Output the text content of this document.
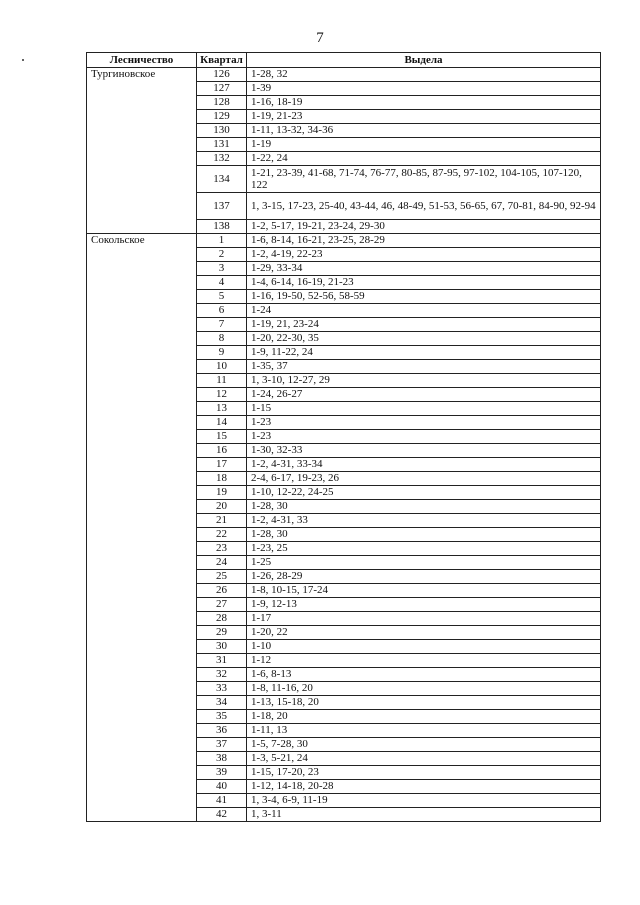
7
Лесничество	Квартал	Выдела
Тургиновское	126	1-28, 32
	127	1-39
	128	1-16, 18-19
	129	1-19, 21-23
	130	1-11, 13-32, 34-36
	131	1-19
	132	1-22, 24
	134	1-21, 23-39, 41-68, 71-74, 76-77, 80-85, 87-95, 97-102, 104-105, 107-120, 122
	137	1, 3-15, 17-23, 25-40, 43-44, 46, 48-49, 51-53, 56-65, 67, 70-81, 84-90, 92-94
	138	1-2, 5-17, 19-21, 23-24, 29-30
Сокольское	1	1-6, 8-14, 16-21, 23-25, 28-29
	2	1-2, 4-19, 22-23
	3	1-29, 33-34
	4	1-4, 6-14, 16-19, 21-23
	5	1-16, 19-50, 52-56, 58-59
	6	1-24
	7	1-19, 21, 23-24
	8	1-20, 22-30, 35
	9	1-9, 11-22, 24
	10	1-35, 37
	11	1, 3-10, 12-27, 29
	12	1-24, 26-27
	13	1-15
	14	1-23
	15	1-23
	16	1-30, 32-33
	17	1-2, 4-31, 33-34
	18	2-4, 6-17, 19-23, 26
	19	1-10, 12-22, 24-25
	20	1-28, 30
	21	1-2, 4-31, 33
	22	1-28, 30
	23	1-23, 25
	24	1-25
	25	1-26, 28-29
	26	1-8, 10-15, 17-24
	27	1-9, 12-13
	28	1-17
	29	1-20, 22
	30	1-10
	31	1-12
	32	1-6, 8-13
	33	1-8, 11-16, 20
	34	1-13, 15-18, 20
	35	1-18, 20
	36	1-11, 13
	37	1-5, 7-28, 30
	38	1-3, 5-21, 24
	39	1-15, 17-20, 23
	40	1-12, 14-18, 20-28
	41	1, 3-4, 6-9, 11-19
	42	1, 3-11
